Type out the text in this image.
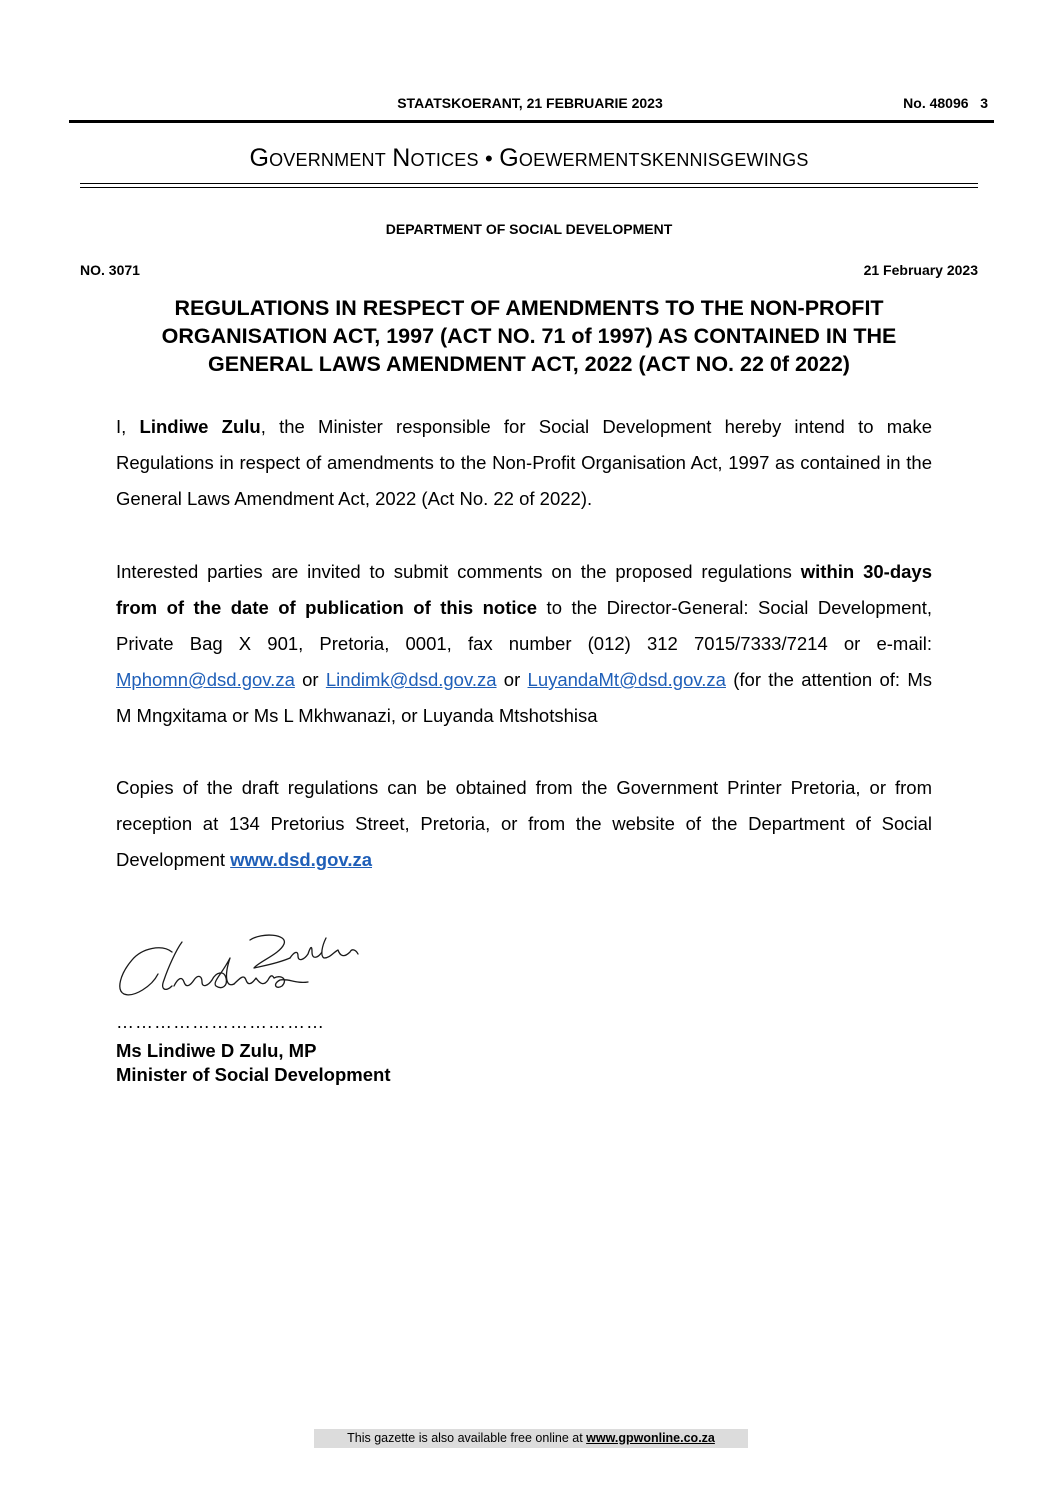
STAATSKOERANT, 21 FEBRUARIE 2023	No. 48096 3
GOVERNMENT NOTICES • GOEWERMENTSKENNISGEWINGS
DEPARTMENT OF SOCIAL DEVELOPMENT
NO. 3071	21 February 2023
REGULATIONS IN RESPECT OF AMENDMENTS TO THE NON-PROFIT ORGANISATION ACT, 1997 (ACT NO. 71 of 1997) AS CONTAINED IN THE GENERAL LAWS AMENDMENT ACT, 2022 (ACT NO. 22 0f 2022)
I, Lindiwe Zulu, the Minister responsible for Social Development hereby intend to make Regulations in respect of amendments to the Non-Profit Organisation Act, 1997 as contained in the General Laws Amendment Act, 2022 (Act No. 22 of 2022).
Interested parties are invited to submit comments on the proposed regulations within 30-days from of the date of publication of this notice to the Director-General: Social Development, Private Bag X 901, Pretoria, 0001, fax number (012) 312 7015/7333/7214 or e-mail: Mphomn@dsd.gov.za or Lindimk@dsd.gov.za or LuyandaMt@dsd.gov.za (for the attention of: Ms M Mngxitama or Ms L Mkhwanazi, or Luyanda Mtshotshisa
Copies of the draft regulations can be obtained from the Government Printer Pretoria, or from reception at 134 Pretorius Street, Pretoria, or from the website of the Department of Social Development www.dsd.gov.za
……………………………
Ms Lindiwe D Zulu, MP
Minister of Social Development
This gazette is also available free online at www.gpwonline.co.za
